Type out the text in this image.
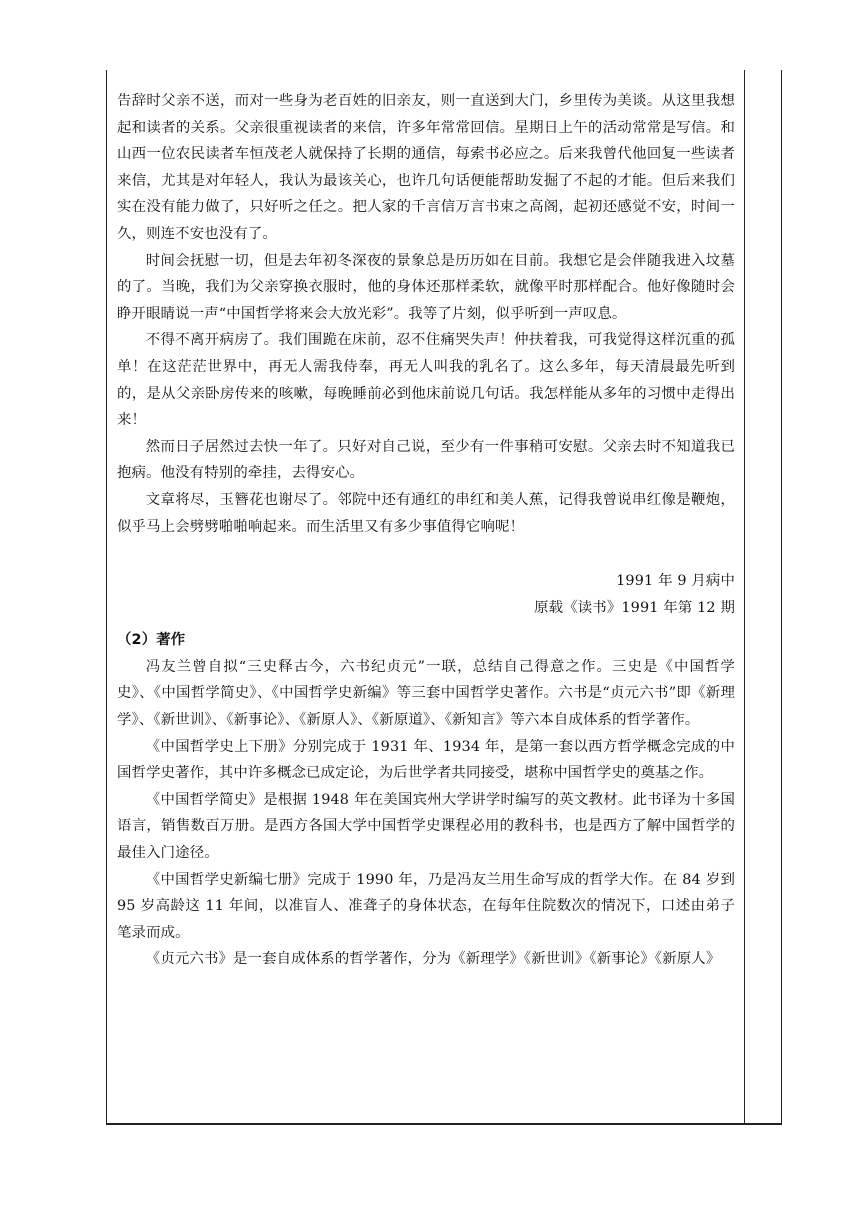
告辞时父亲不送，而对一些身为老百姓的旧亲友，则一直送到大门，乡里传为美谈。从这里我想起和读者的关系。父亲很重视读者的来信，许多年常常回信。星期日上午的活动常常是写信。和山西一位农民读者车恒茂老人就保持了长期的通信，每索书必应之。后来我曾代他回复一些读者来信，尤其是对年轻人，我认为最该关心，也许几句话便能帮助发掘了不起的才能。但后来我们实在没有能力做了，只好听之任之。把人家的千言信万言书束之高阁，起初还感觉不安，时间一久，则连不安也没有了。

时间会抚慰一切，但是去年初冬深夜的景象总是历历如在目前。我想它是会伴随我进入坟墓的了。当晚，我们为父亲穿换衣服时，他的身体还那样柔软，就像平时那样配合。他好像随时会睁开眼睛说一声“中国哲学将来会大放光彩”。我等了片刻，似乎听到一声叹息。

不得不离开病房了。我们围跪在床前，忍不住痛哭失声！仲扶着我，可我觉得这样沉重的孤单！在这茫茫世界中，再无人需我侍奉，再无人叫我的乳名了。这么多年，每天清晨最先听到的，是从父亲卧房传来的咳嗽，每晚睡前必到他床前说几句话。我怎样能从多年的习惯中走得出来！

然而日子居然过去快一年了。只好对自己说，至少有一件事稍可安慰。父亲去时不知道我已抱病。他没有特别的牵挂，去得安心。

文章将尽，玉簪花也谢尽了。邻院中还有通红的串红和美人蕉，记得我曾说串红像是鞭炮，似乎马上会劈劈啪啪响起来。而生活里又有多少事值得它响呢！

1991 年 9 月病中

原载《读书》1991 年第 12 期

（2）著作

冯友兰曾自拟“三史释古今，六书纪贞元”一联，总结自己得意之作。三史是《中国哲学史》、《中国哲学简史》、《中国哲学史新编》等三套中国哲学史著作。六书是“贞元六书”即《新理学》、《新世训》、《新事论》、《新原人》、《新原道》、《新知言》等六本自成体系的哲学著作。

《中国哲学史上下册》分别完成于 1931 年、1934 年，是第一套以西方哲学概念完成的中国哲学史著作，其中许多概念已成定论，为后世学者共同接受，堪称中国哲学史的奠基之作。

《中国哲学简史》是根据 1948 年在美国宾州大学讲学时编写的英文教材。此书译为十多国语言，销售数百万册。是西方各国大学中国哲学史课程必用的教科书，也是西方了解中国哲学的最佳入门途径。

《中国哲学史新编七册》完成于 1990 年，乃是冯友兰用生命写成的哲学大作。在 84 岁到 95 岁高龄这 11 年间，以准盲人、准聋子的身体状态，在每年住院数次的情况下，口述由弟子笔录而成。

《贞元六书》是一套自成体系的哲学著作，分为《新理学》《新世训》《新事论》《新原人》
